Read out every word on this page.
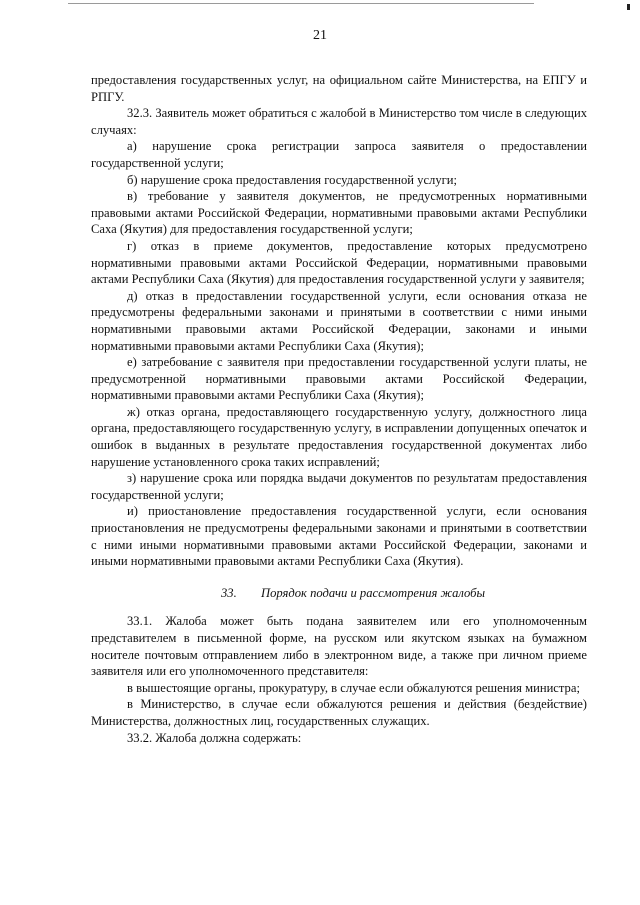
21

предоставления государственных услуг, на официальном сайте Министерства, на ЕПГУ и РПГУ.

32.3. Заявитель может обратиться с жалобой в Министерство том числе в следующих случаях:

а) нарушение срока регистрации запроса заявителя о предоставлении государственной услуги;

б) нарушение срока предоставления государственной услуги;

в) требование у заявителя документов, не предусмотренных нормативными правовыми актами Российской Федерации, нормативными правовыми актами Республики Саха (Якутия) для предоставления государственной услуги;

г) отказ в приеме документов, предоставление которых предусмотрено нормативными правовыми актами Российской Федерации, нормативными правовыми актами Республики Саха (Якутия) для предоставления государственной услуги у заявителя;

д) отказ в предоставлении государственной услуги, если основания отказа не предусмотрены федеральными законами и принятыми в соответствии с ними иными нормативными правовыми актами Российской Федерации, законами и иными нормативными правовыми актами Республики Саха (Якутия);

е) затребование с заявителя при предоставлении государственной услуги платы, не предусмотренной нормативными правовыми актами Российской Федерации, нормативными правовыми актами Республики Саха (Якутия);

ж) отказ органа, предоставляющего государственную услугу, должностного лица органа, предоставляющего государственную услугу, в исправлении допущенных опечаток и ошибок в выданных в результате предоставления государственной документах либо нарушение установленного срока таких исправлений;

з) нарушение срока или порядка выдачи документов по результатам предоставления государственной услуги;

и) приостановление предоставления государственной услуги, если основания приостановления не предусмотрены федеральными законами и принятыми в соответствии с ними иными нормативными правовыми актами Российской Федерации, законами и иными нормативными правовыми актами Республики Саха (Якутия).

33. Порядок подачи и рассмотрения жалобы

33.1. Жалоба может быть подана заявителем или его уполномоченным представителем в письменной форме, на русском или якутском языках на бумажном носителе почтовым отправлением либо в электронном виде, а также при личном приеме заявителя или его уполномоченного представителя:

в вышестоящие органы, прокуратуру, в случае если обжалуются решения министра;

в Министерство, в случае если обжалуются решения и действия (бездействие) Министерства, должностных лиц, государственных служащих.

33.2. Жалоба должна содержать:
